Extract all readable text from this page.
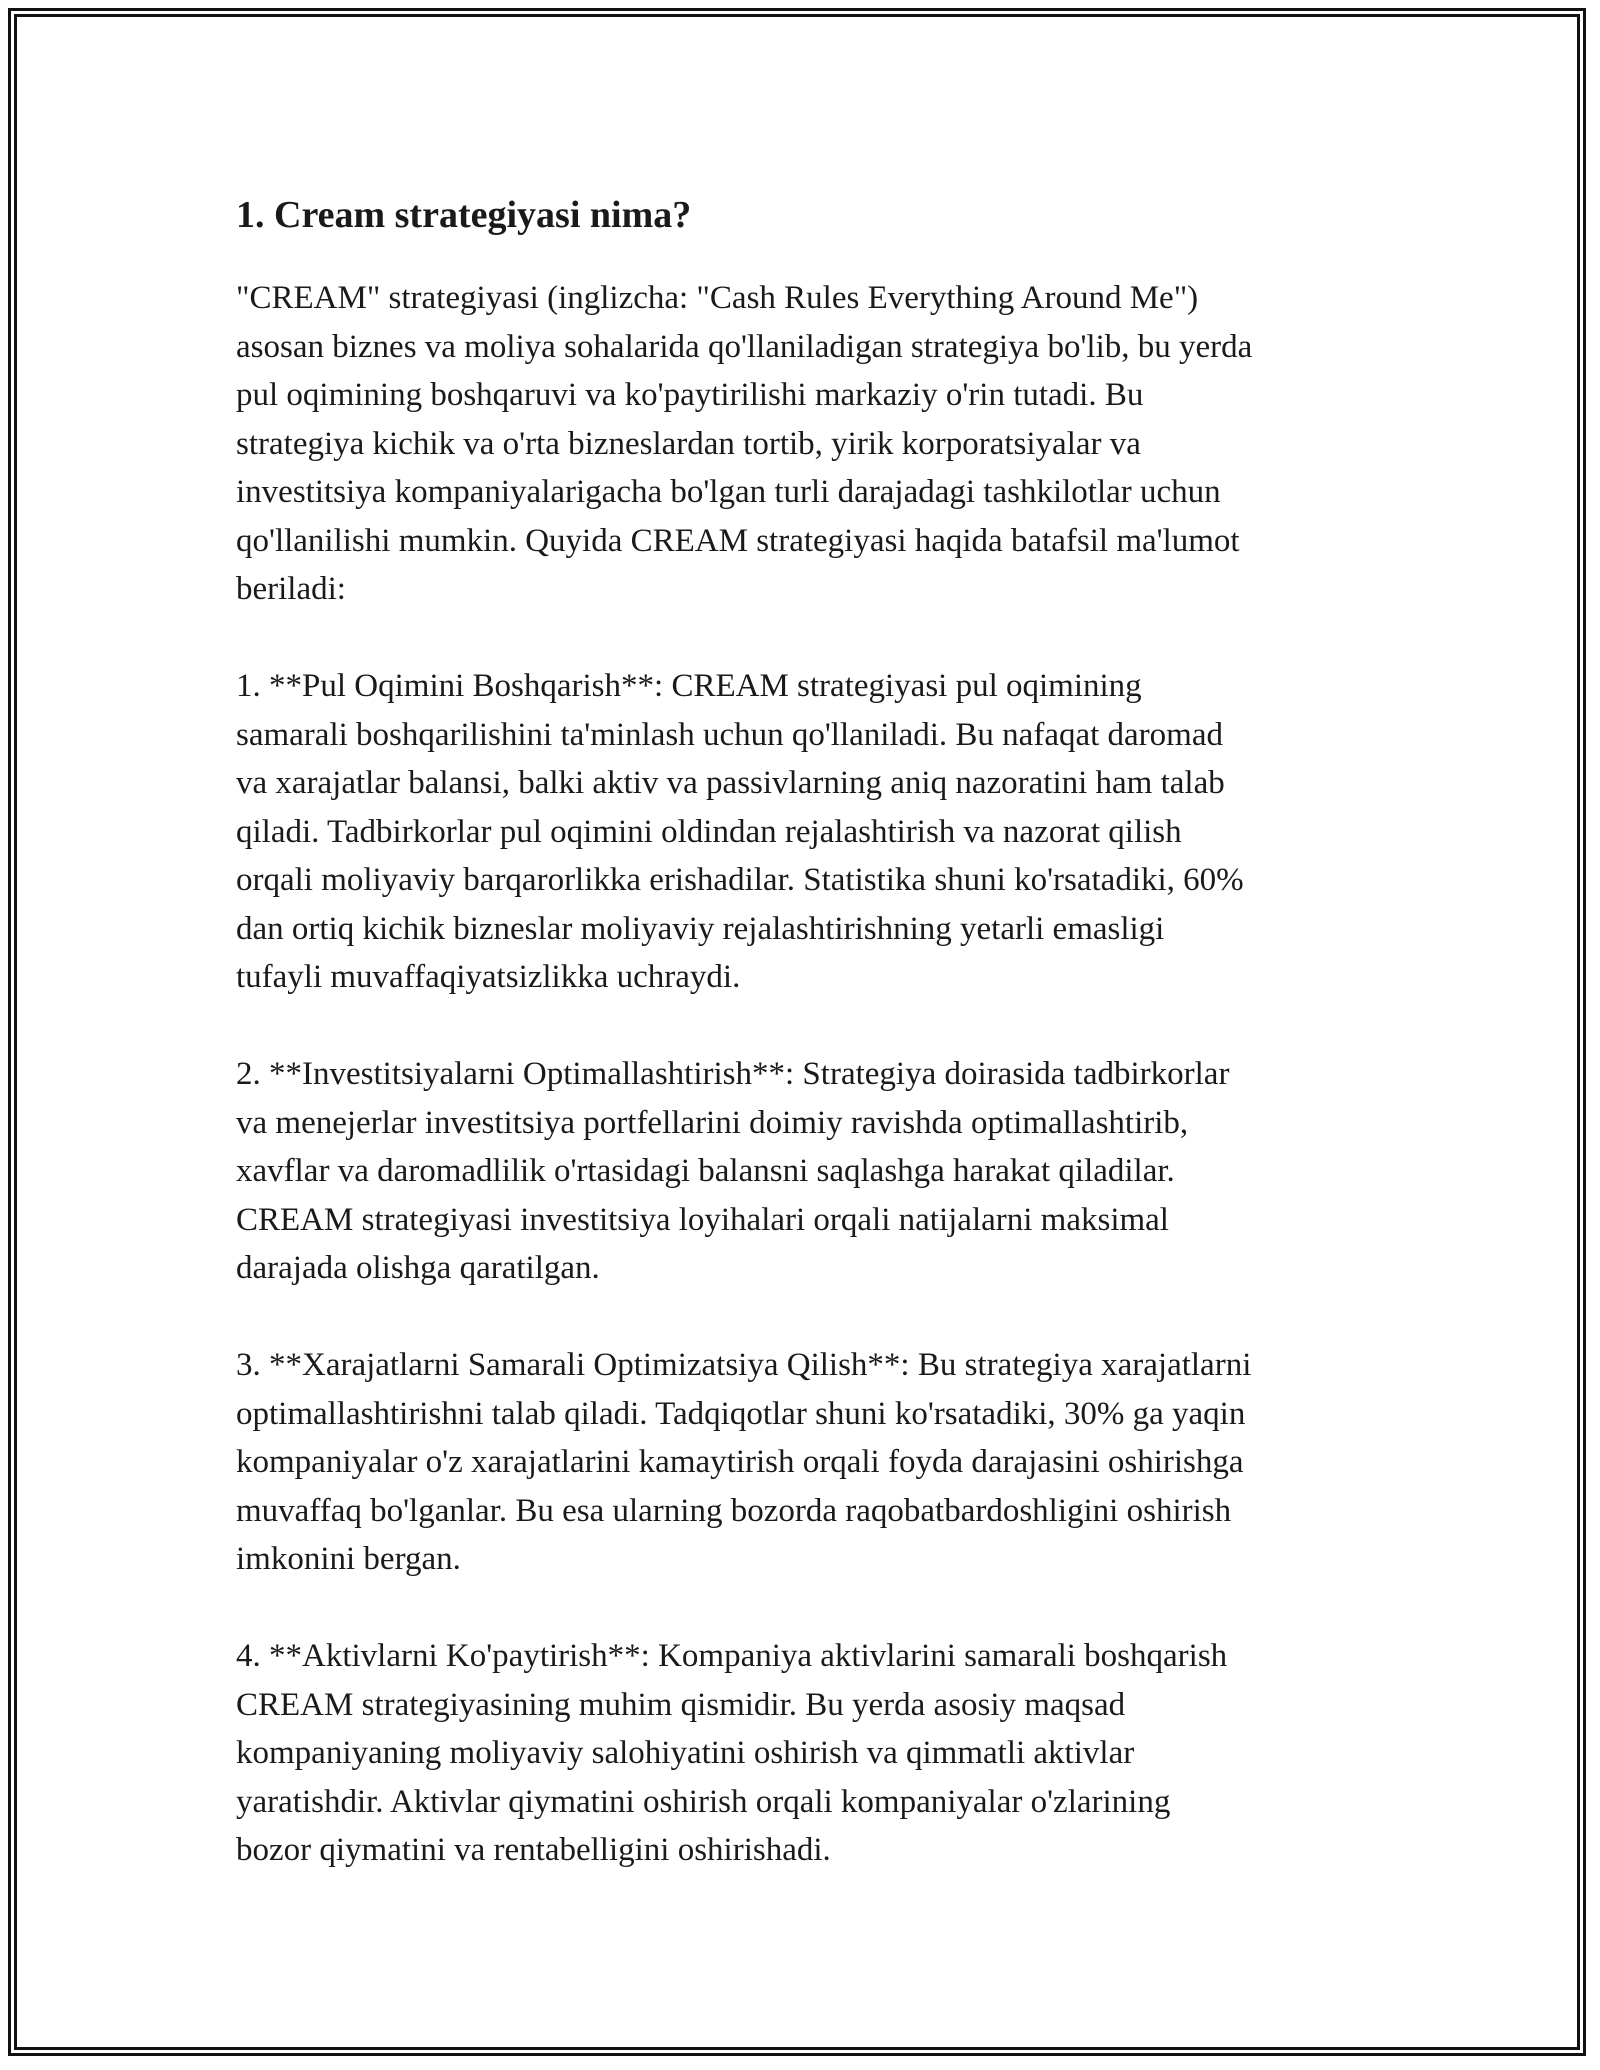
1. Cream strategiyasi nima?

"CREAM" strategiyasi (inglizcha: "Cash Rules Everything Around Me")
asosan biznes va moliya sohalarida qo'llaniladigan strategiya bo'lib, bu yerda
pul oqimining boshqaruvi va ko'paytirilishi markaziy o'rin tutadi. Bu
strategiya kichik va o'rta bizneslardan tortib, yirik korporatsiyalar va
investitsiya kompaniyalarigacha bo'lgan turli darajadagi tashkilotlar uchun
qo'llanilishi mumkin. Quyida CREAM strategiyasi haqida batafsil ma'lumot
beriladi:

1. **Pul Oqimini Boshqarish**: CREAM strategiyasi pul oqimining
samarali boshqarilishini ta'minlash uchun qo'llaniladi. Bu nafaqat daromad
va xarajatlar balansi, balki aktiv va passivlarning aniq nazoratini ham talab
qiladi. Tadbirkorlar pul oqimini oldindan rejalashtirish va nazorat qilish
orqali moliyaviy barqarorlikka erishadilar. Statistika shuni ko'rsatadiki, 60%
dan ortiq kichik bizneslar moliyaviy rejalashtirishning yetarli emasligi
tufayli muvaffaqiyatsizlikka uchraydi.

2. **Investitsiyalarni Optimallashtirish**: Strategiya doirasida tadbirkorlar
va menejerlar investitsiya portfellarini doimiy ravishda optimallashtirib,
xavflar va daromadlilik o'rtasidagi balansni saqlashga harakat qiladilar.
CREAM strategiyasi investitsiya loyihalari orqali natijalarni maksimal
darajada olishga qaratilgan.

3. **Xarajatlarni Samarali Optimizatsiya Qilish**: Bu strategiya xarajatlarni
optimallashtirishni talab qiladi. Tadqiqotlar shuni ko'rsatadiki, 30% ga yaqin
kompaniyalar o'z xarajatlarini kamaytirish orqali foyda darajasini oshirishga
muvaffaq bo'lganlar. Bu esa ularning bozorda raqobatbardoshligini oshirish
imkonini bergan.

4. **Aktivlarni Ko'paytirish**: Kompaniya aktivlarini samarali boshqarish
CREAM strategiyasining muhim qismidir. Bu yerda asosiy maqsad
kompaniyaning moliyaviy salohiyatini oshirish va qimmatli aktivlar
yaratishdir. Aktivlar qiymatini oshirish orqali kompaniyalar o'zlarining
bozor qiymatini va rentabelligini oshirishadi.
